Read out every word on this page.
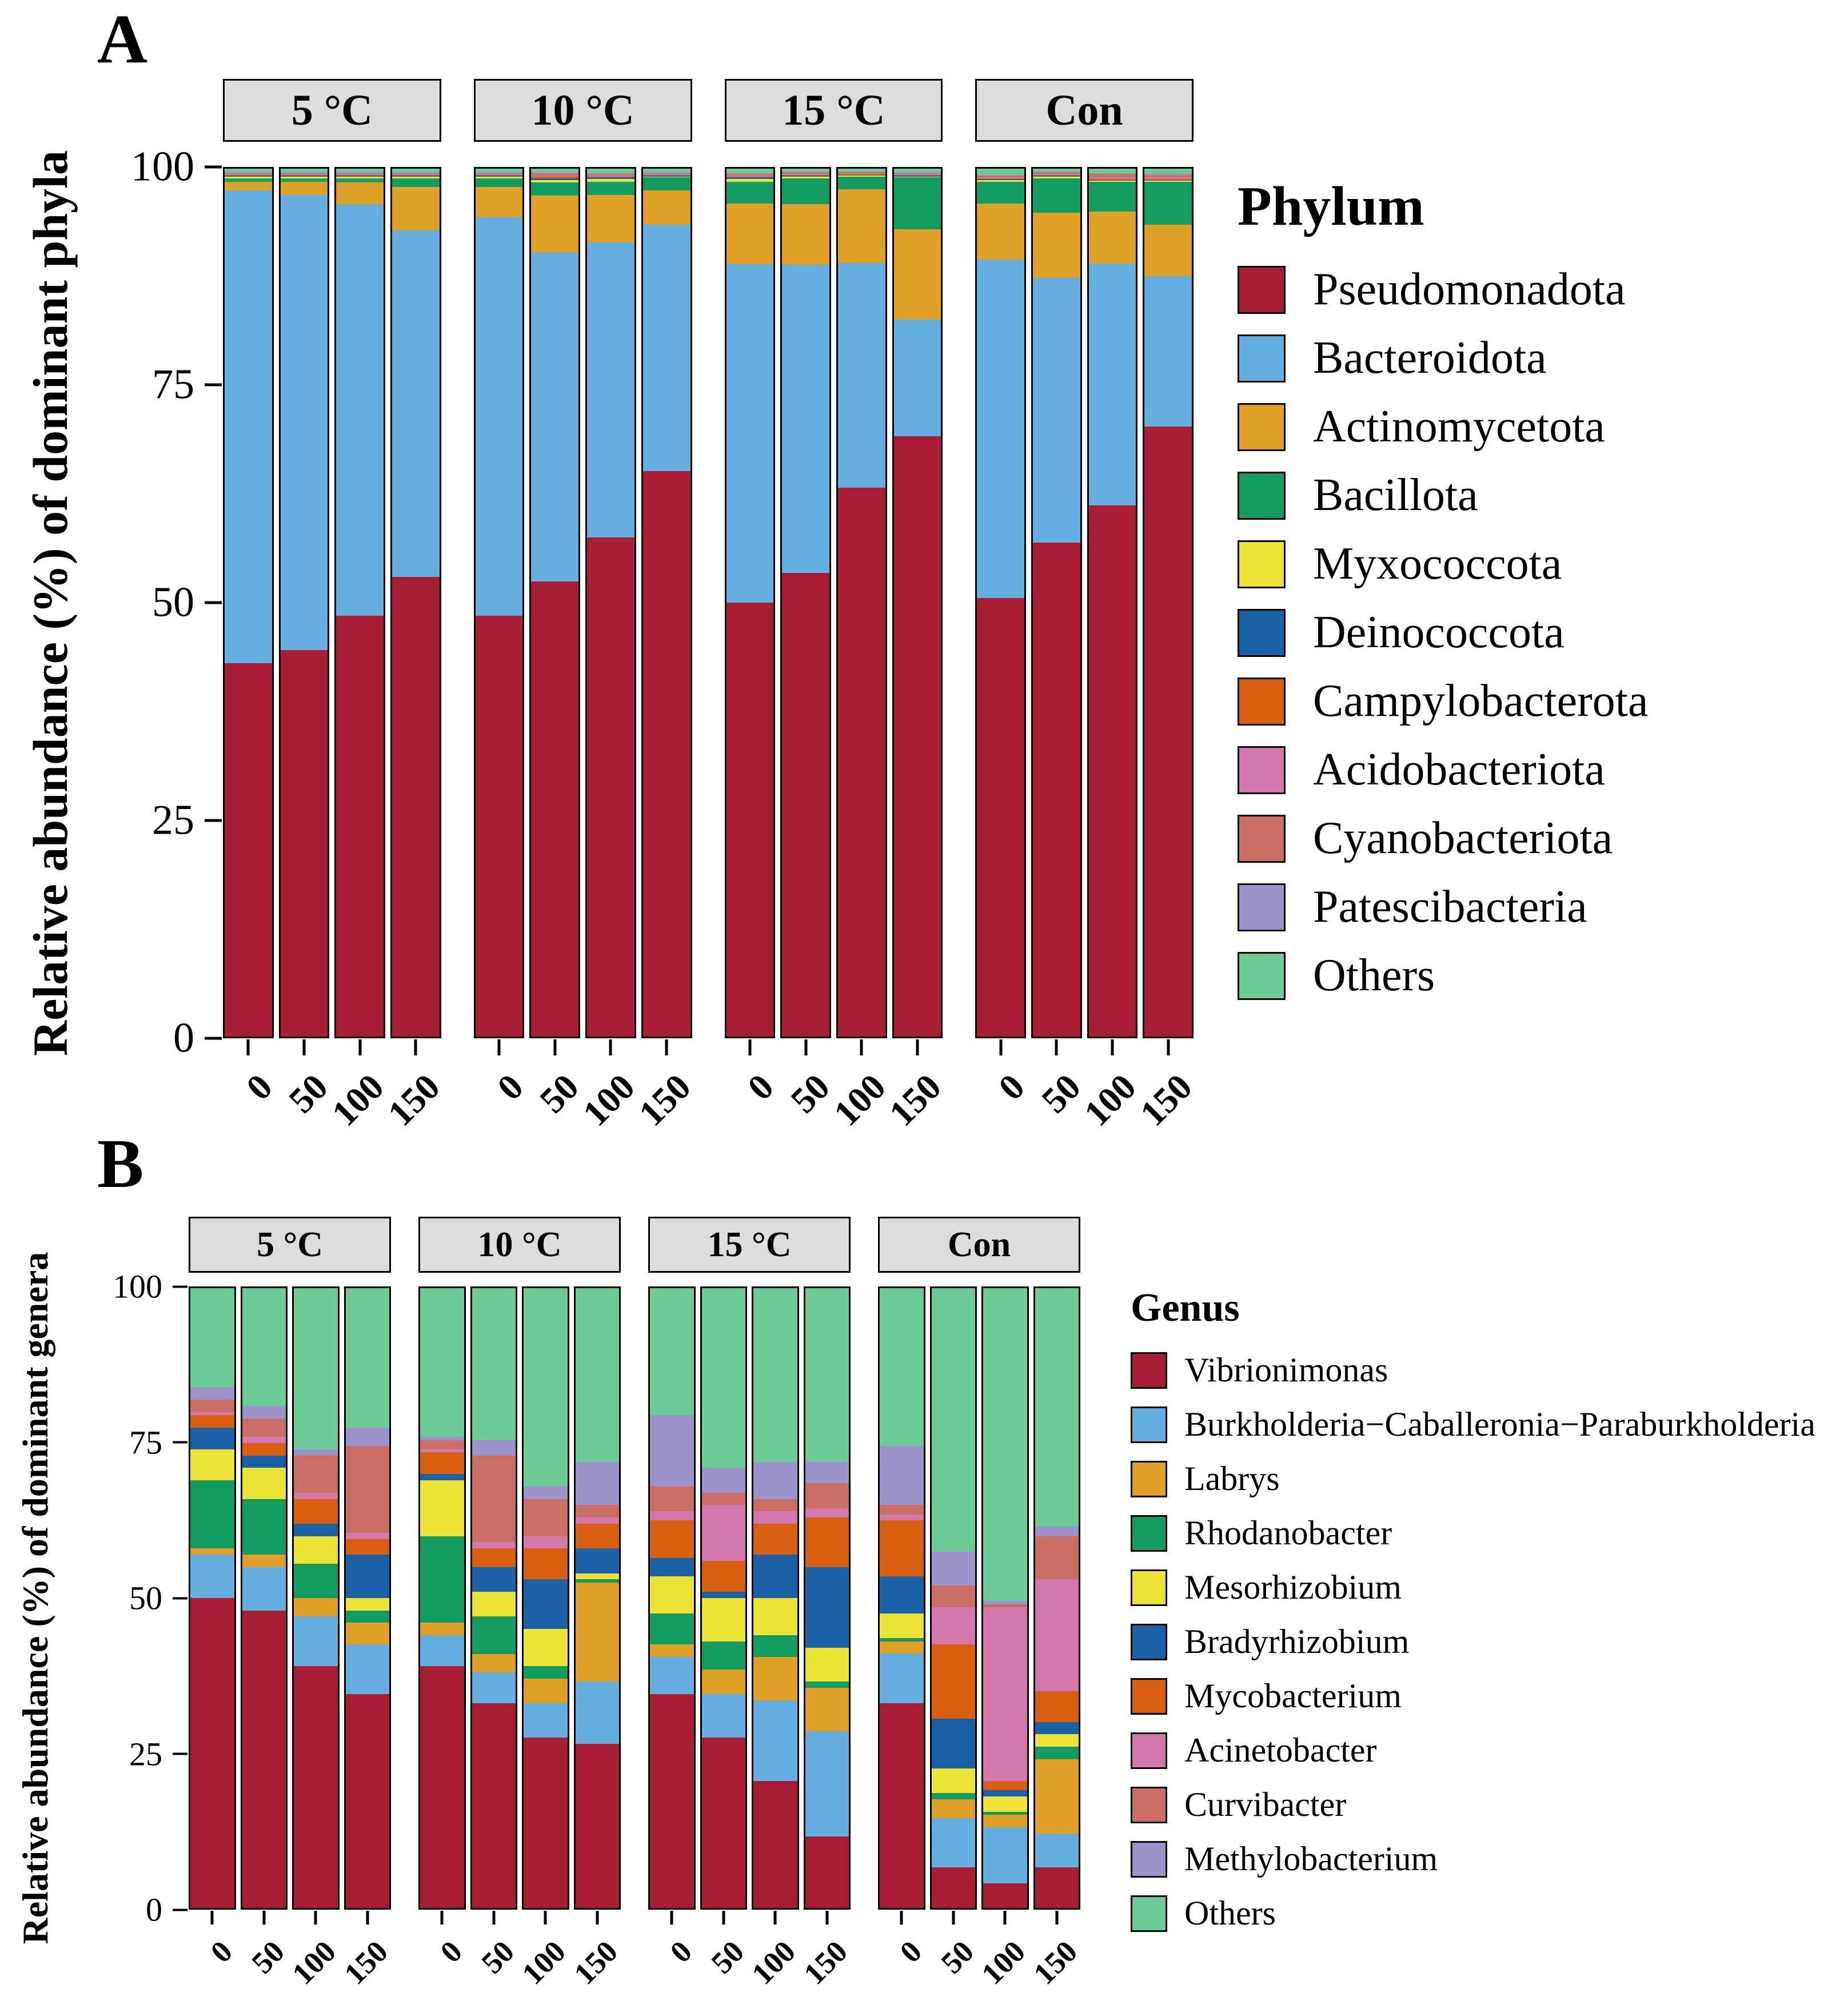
A
Relative abundance (%) of dominant phyla
5 °C	10 °C	15 °C	Con
0
25
50
75
100
0 50
100
150 0 50
100
150 0 50
100
150 0 50
100
150
Phylum
Pseudomonadota
Bacteroidota
Actinomycetota
Bacillota
Myxococcota
Deinococcota
Campylobacterota
Acidobacteriota
Cyanobacteriota
Patescibacteria
Others
B
Relative abundance (%) of dominant genera
5 °C	10 °C	15 °C	Con
0
25
50
75
100
0 50
100
150 0 50
100
150 0 50
100
150 0 50
100
150
Genus
Vibrionimonas
Burkholderia−Caballeronia−Paraburkholderia
Labrys
Rhodanobacter
Mesorhizobium
Bradyrhizobium
Mycobacterium
Acinetobacter
Curvibacter
Methylobacterium
Others
